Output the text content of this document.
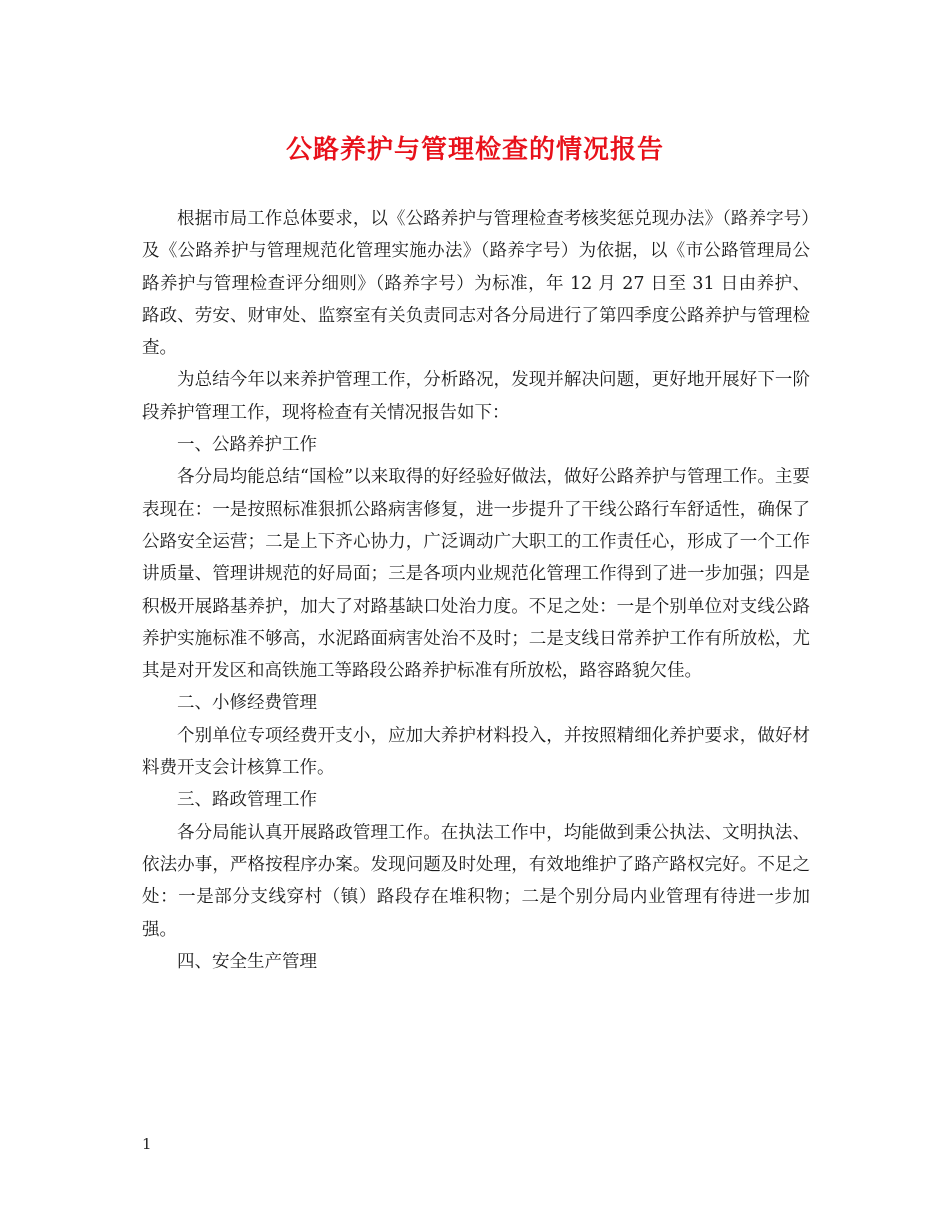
公路养护与管理检查的情况报告

根据市局工作总体要求，以《公路养护与管理检查考核奖惩兑现办法》（路养字号）及《公路养护与管理规范化管理实施办法》（路养字号）为依据，以《市公路管理局公路养护与管理检查评分细则》（路养字号）为标准，年 12 月 27 日至 31 日由养护、路政、劳安、财审处、监察室有关负责同志对各分局进行了第四季度公路养护与管理检查。

为总结今年以来养护管理工作，分析路况，发现并解决问题，更好地开展好下一阶段养护管理工作，现将检查有关情况报告如下：

一、公路养护工作

各分局均能总结“国检”以来取得的好经验好做法，做好公路养护与管理工作。主要表现在：一是按照标准狠抓公路病害修复，进一步提升了干线公路行车舒适性，确保了公路安全运营；二是上下齐心协力，广泛调动广大职工的工作责任心，形成了一个工作讲质量、管理讲规范的好局面；三是各项内业规范化管理工作得到了进一步加强；四是积极开展路基养护，加大了对路基缺口处治力度。不足之处：一是个别单位对支线公路养护实施标准不够高，水泥路面病害处治不及时；二是支线日常养护工作有所放松，尤其是对开发区和高铁施工等路段公路养护标准有所放松，路容路貌欠佳。

二、小修经费管理

个别单位专项经费开支小，应加大养护材料投入，并按照精细化养护要求，做好材料费开支会计核算工作。

三、路政管理工作

各分局能认真开展路政管理工作。在执法工作中，均能做到秉公执法、文明执法、依法办事，严格按程序办案。发现问题及时处理，有效地维护了路产路权完好。不足之处：一是部分支线穿村（镇）路段存在堆积物；二是个别分局内业管理有待进一步加强。

四、安全生产管理

1
